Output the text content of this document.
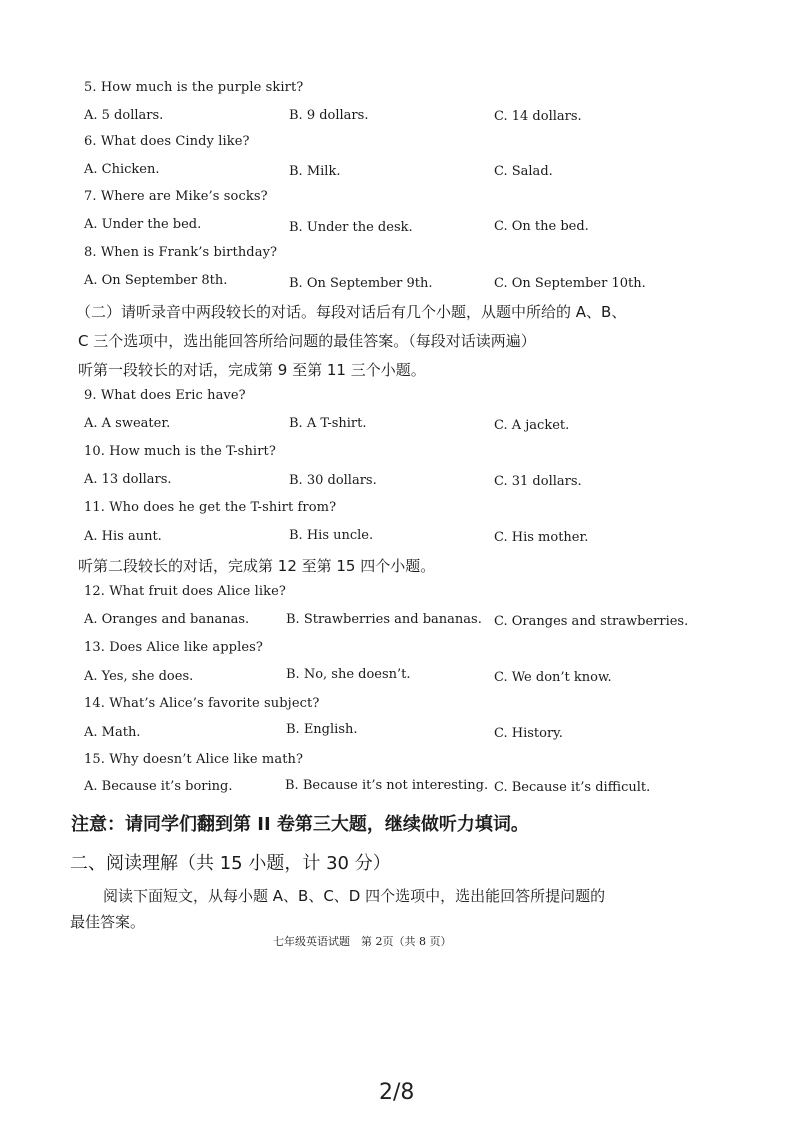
5. How much is the purple skirt?
A. 5 dollars.	B. 9 dollars.	C. 14 dollars.
6. What does Cindy like?
A. Chicken.	B. Milk.	C. Salad.
7. Where are Mike’s socks?
A. Under the bed.	B. Under the desk.	C. On the bed.
8. When is Frank’s birthday?
A. On September 8th.	B. On September 9th.	C. On September 10th.
（二）请听录音中两段较长的对话。每段对话后有几个小题，从题中所给的 A、B、
C 三个选项中，选出能回答所给问题的最佳答案。（每段对话读两遍）
听第一段较长的对话，完成第 9 至第 11 三个小题。
9. What does Eric have?
A. A sweater.	B. A T-shirt.	C. A jacket.
10. How much is the T-shirt?
A. 13 dollars.	B. 30 dollars.	C. 31 dollars.
11. Who does he get the T-shirt from?
A. His aunt.	B. His uncle.	C. His mother.
听第二段较长的对话，完成第 12 至第 15 四个小题。
12. What fruit does Alice like?
A. Oranges and bananas.	B. Strawberries and bananas. C. Oranges and strawberries.
13. Does Alice like apples?
A. Yes, she does.	B. No, she doesn’t.	C. We don’t know.
14. What’s Alice’s favorite subject?
A. Math.	B. English.	C. History.
15. Why doesn’t Alice like math?
A. Because it’s boring.	B. Because it’s not interesting. C. Because it’s difficult.
注意：请同学们翻到第 II 卷第三大题，继续做听力填词。
二、阅读理解（共 15 小题，计 30 分）
阅读下面短文，从每小题 A、B、C、D 四个选项中，选出能回答所提问题的
最佳答案。
七年级英语试题　第 2页（共 8 页）
2/8
